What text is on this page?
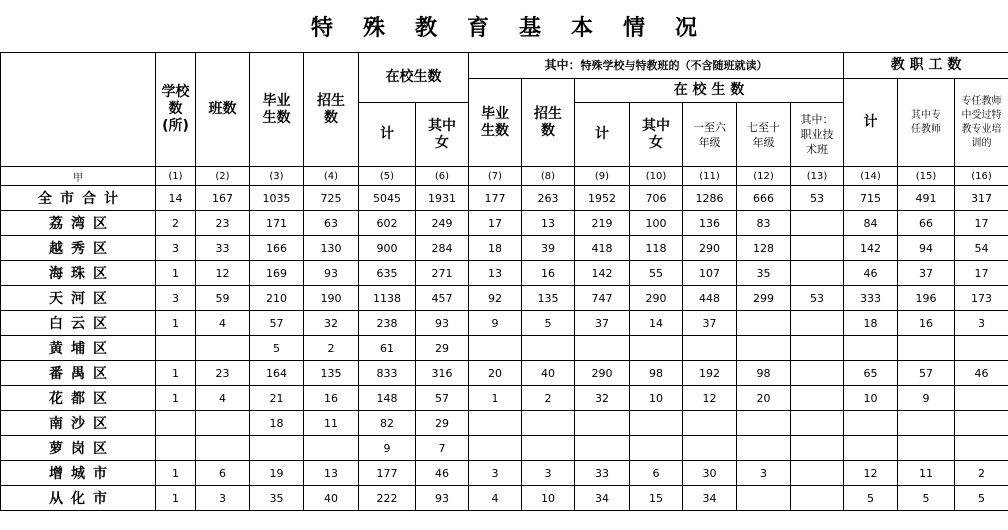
特殊教育基本情况
	学校数(所)	班数	毕业生数	招生数	在校生数		其中：特殊学校与特教班的（不含随班就读）							教 职 工 数		
							毕业生数	招生数	在 校 生 数					计	其中专任教师	专任教师中受过特教专业培训的
					计	其中女			计	其中女	一至六年级	七至十年级	其中：职业技术班			
甲	(1)	(2)	(3)	(4)	(5)	(6)	(7)	(8)	(9)	(10)	(11)	(12)	(13)	(14)	(15)	(16)
全市合计	14	167	1035	725	5045	1931	177	263	1952	706	1286	666	53	715	491	317
荔湾区	2	23	171	63	602	249	17	13	219	100	136	83		84	66	17
越秀区	3	33	166	130	900	284	18	39	418	118	290	128		142	94	54
海珠区	1	12	169	93	635	271	13	16	142	55	107	35		46	37	17
天河区	3	59	210	190	1138	457	92	135	747	290	448	299	53	333	196	173
白云区	1	4	57	32	238	93	9	5	37	14	37			18	16	3
黄埔区			5	2	61	29										
番禺区	1	23	164	135	833	316	20	40	290	98	192	98		65	57	46
花都区	1	4	21	16	148	57	1	2	32	10	12	20		10	9	
南沙区			18	11	82	29										
萝岗区					9	7										
增城市	1	6	19	13	177	46	3	3	33	6	30	3		12	11	2
从化市	1	3	35	40	222	93	4	10	34	15	34			5	5	5
